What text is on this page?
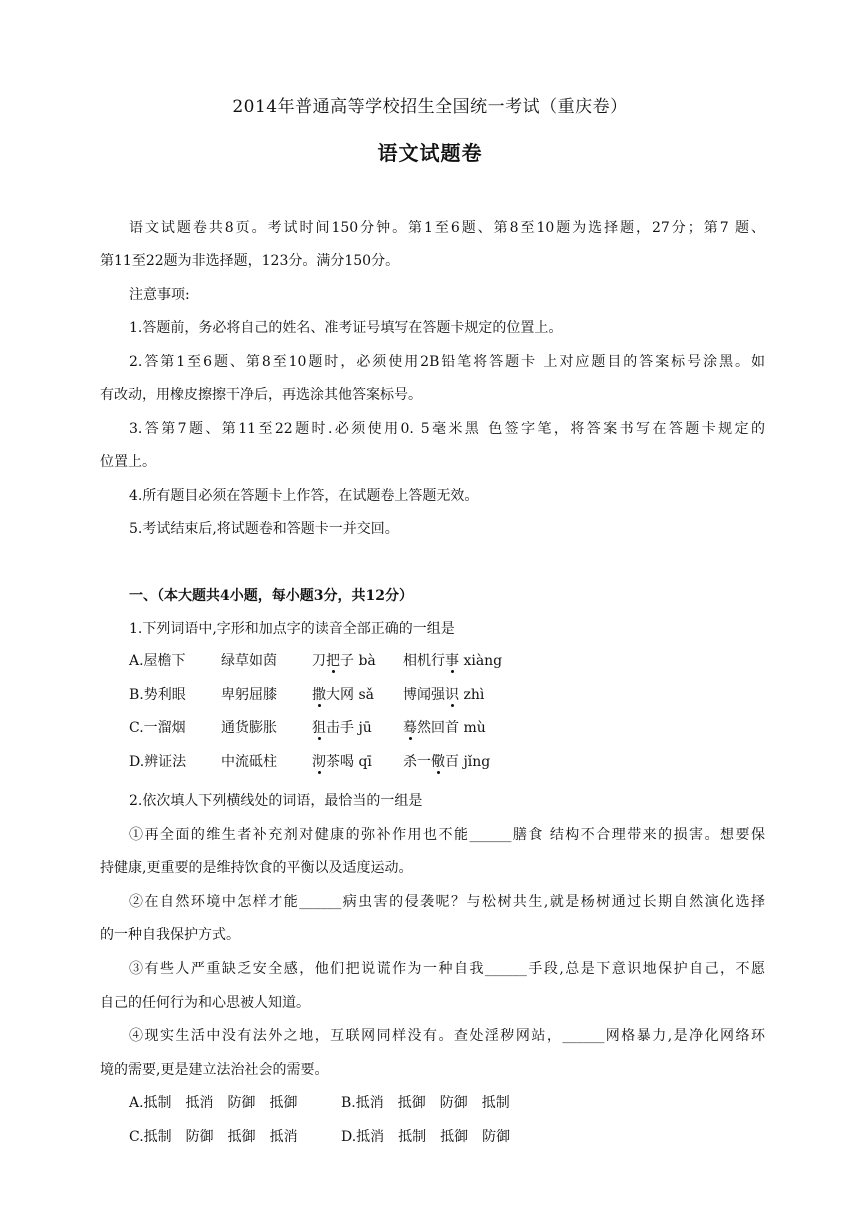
2014年普通高等学校招生全国统一考试（重庆卷）
语文试题卷
语文试题卷共8页。考试时间150分钟。第1至6题、第8至10题为选择题，27分；第7 题、
第11至22题为非选择题，123分。满分150分。
注意事项:
1.答题前，务必将自己的姓名、准考证号填写在答题卡规定的位置上。
2.答第1至6题、第8至10题时，必须使用2B铅笔将答题卡 上对应题目的答案标号涂黑。如
有改动，用橡皮擦擦干净后，再选涂其他答案标号。
3.答第7题、第11至22题时.必须使用0. 5毫米黑 色签字笔，将答案书写在答题卡规定的
位置上。
4.所有题目必须在答题卡上作答，在试题卷上答题无效。
5.考试结束后,将试题卷和答题卡一并交回。
一、（本大题共4小题，每小题3分，共12分）
1.下列词语中,字形和加点字的读音全部正确的一组是
A.屋檐下	绿草如茵	刀把子 bà 相机行事 xiàng
B.势利眼	卑躬屈膝	撒大网 sǎ 博闻强识 zhì
C.一溜烟	通货膨胀	狙击手 jū 蓦然回首 mù
D.辨证法 中流砥柱	沏茶喝 qī 杀一儆百 jǐng
2.依次填人下列横线处的词语，最恰当的一组是
①再全面的维生者补充剂对健康的弥补作用也不能______膳食 结构不合理带来的损害。想要保
持健康,更重要的是维持饮食的平衡以及适度运动。
②在自然环境中怎样才能______病虫害的侵袭呢？与松树共生,就是杨树通过长期自然演化选择
的一种自我保护方式。
③有些人严重缺乏安全感，他们把说谎作为一种自我______手段,总是下意识地保护自己，不愿
自己的任何行为和心思被人知道。
④现实生活中没有法外之地，互联网同样没有。查处淫秽网站，______网格暴力,是净化网络环
境的需要,更是建立法治社会的需要。
A.抵制　抵消　防御　抵御	B.抵消　抵御　防御　抵制
C.抵制　防御　抵御　抵消	D.抵消　抵制　抵御　防御
